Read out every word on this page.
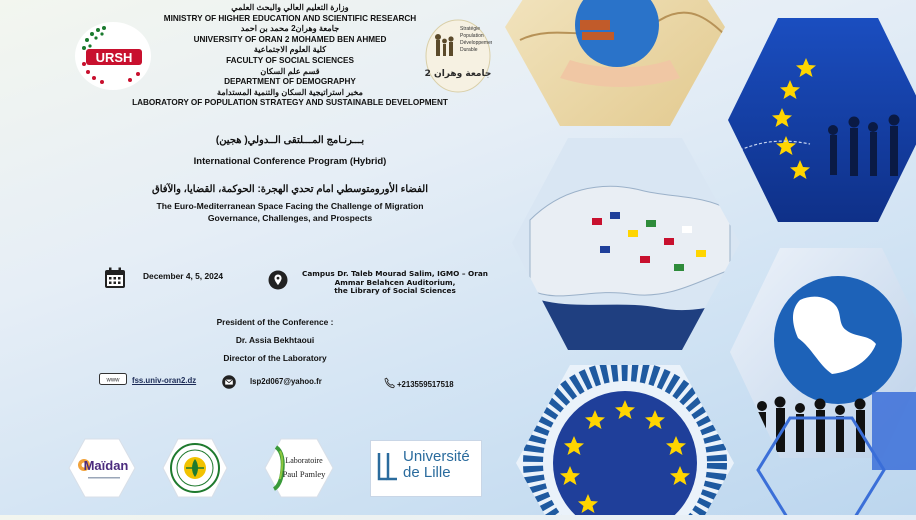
وزارة التعليم العالي والبحث العلمي
MINISTRY OF HIGHER EDUCATION AND SCIENTIFIC RESEARCH
جامعة وهران2 محمد بن احمد
UNIVERSITY OF ORAN 2 MOHAMED BEN AHMED
كلية العلوم الاجتماعية
FACULTY OF SOCIAL SCIENCES
قسم علم السكان
DEPARTMENT OF DEMOGRAPHY
مخبر استراتيجية السكان والتنمية المستدامة
LABORATORY OF POPULATION STRATEGY AND SUSTAINABLE DEVELOPMENT
URSH
Stratégie
Population
Développement
Durable
جامعة وهران 2
بـــرنـامج المـــلتقى الــدولي( هجين)
International Conference Program (Hybrid)
الفضاء الأورومتوسطي امام تحدي الهجرة: الحوكمة، القضايا، والآفاق
The Euro-Mediterranean Space Facing the Challenge of Migration
Governance, Challenges, and Prospects
December 4, 5, 2024	Campus Dr. Taleb Mourad Salim, IGMO – Oran
Ammar Belahcen Auditorium,
the Library of Social Sciences
President of the Conference :
Dr. Assia Bekhtaoui
Director of the Laboratory
www fss.univ-oran2.dz	lsp2d067@yahoo.fr	+213559517518
Maïdan	Laboratoire
Paul Pamley
Université
de Lille
